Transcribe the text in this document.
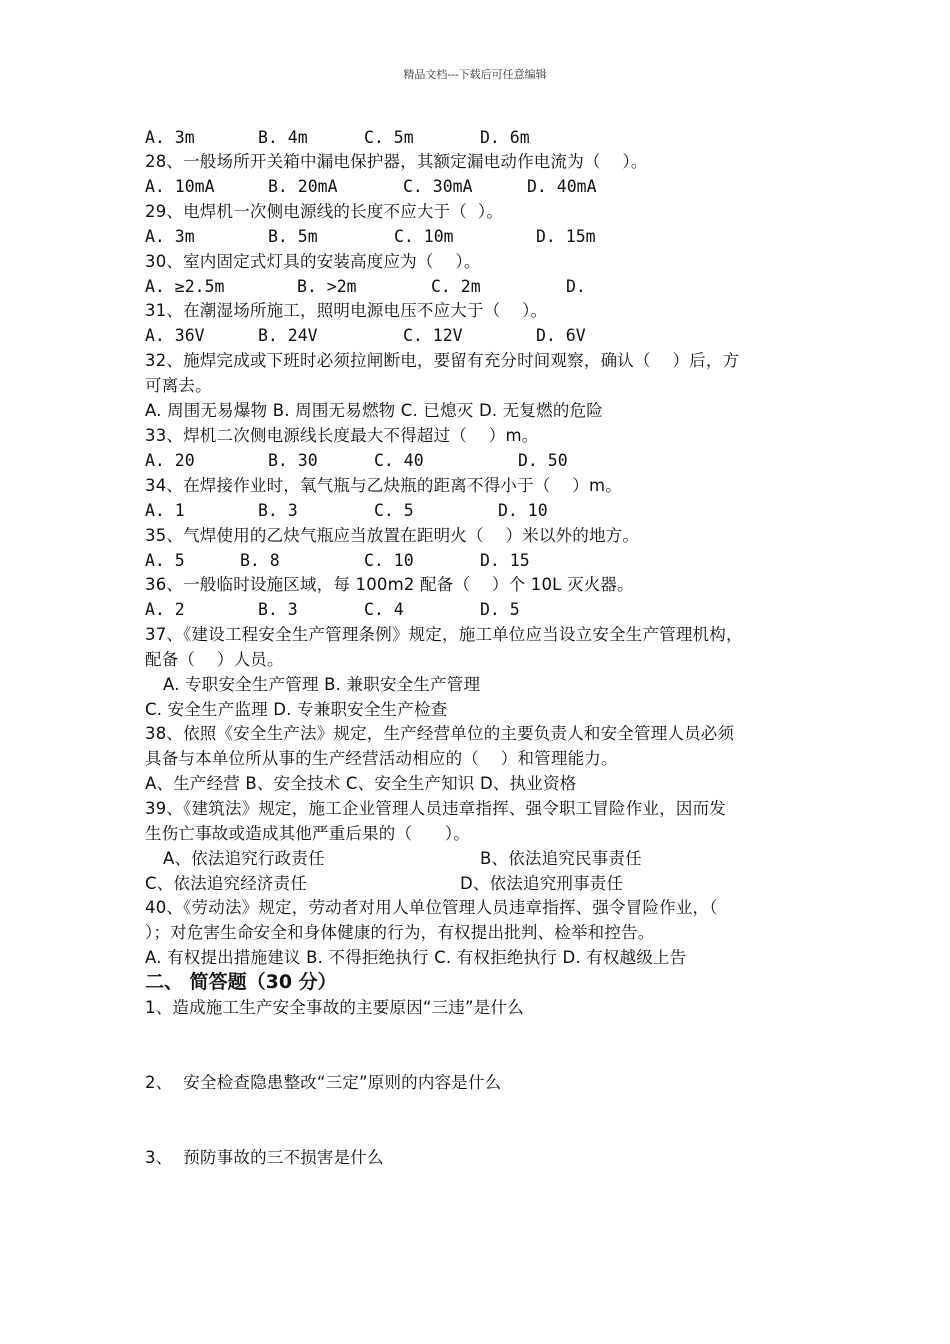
精品文档---下载后可任意编辑
A. 3m	B. 4m	C. 5m	D. 6m
28、一般场所开关箱中漏电保护器，其额定漏电动作电流为（    ）。
A. 10mA	B. 20mA	C. 30mA	D. 40mA
29、电焊机一次侧电源线的长度不应大于（  ）。
A. 3m	B. 5m	C. 10m	D. 15m
30、室内固定式灯具的安装高度应为（    ）。
A. ≥2.5m	B. >2m	C. 2m	D.
31、在潮湿场所施工，照明电源电压不应大于（    ）。
A. 36V	B. 24V	C. 12V	D. 6V
32、施焊完成或下班时必须拉闸断电，要留有充分时间观察，确认（    ）后，方
可离去。
A. 周围无易爆物 B. 周围无易燃物 C. 已熄灭 D. 无复燃的危险
33、焊机二次侧电源线长度最大不得超过（    ）m。
A. 20	B. 30	C. 40	D. 50
34、在焊接作业时，氧气瓶与乙炔瓶的距离不得小于（    ）m。
A. 1	B. 3	C. 5	D. 10
35、气焊使用的乙炔气瓶应当放置在距明火（    ）米以外的地方。
A. 5	B. 8	C. 10	D. 15
36、一般临时设施区域，每 100m2 配备（    ）个 10L 灭火器。
A. 2	B. 3	C. 4	D. 5
37、《建设工程安全生产管理条例》规定，施工单位应当设立安全生产管理机构，
配备（    ）人员。
A. 专职安全生产管理 B. 兼职安全生产管理
C. 安全生产监理 D. 专兼职安全生产检查
38、依照《安全生产法》规定，生产经营单位的主要负责人和安全管理人员必须
具备与本单位所从事的生产经营活动相应的（    ）和管理能力。
A、生产经营 B、安全技术 C、安全生产知识 D、执业资格
39、《建筑法》规定，施工企业管理人员违章指挥、强令职工冒险作业，因而发
生伤亡事故或造成其他严重后果的（      ）。
A、依法追究行政责任	B、依法追究民事责任
C、依法追究经济责任	D、依法追究刑事责任
40、《劳动法》规定，劳动者对用人单位管理人员违章指挥、强令冒险作业，（
）；对危害生命安全和身体健康的行为，有权提出批判、检举和控告。
A. 有权提出措施建议 B. 不得拒绝执行 C. 有权拒绝执行 D. 有权越级上告
二、 简答题（30 分）
1、造成施工生产安全事故的主要原因“三违”是什么
2、  安全检查隐患整改“三定”原则的内容是什么
3、  预防事故的三不损害是什么
